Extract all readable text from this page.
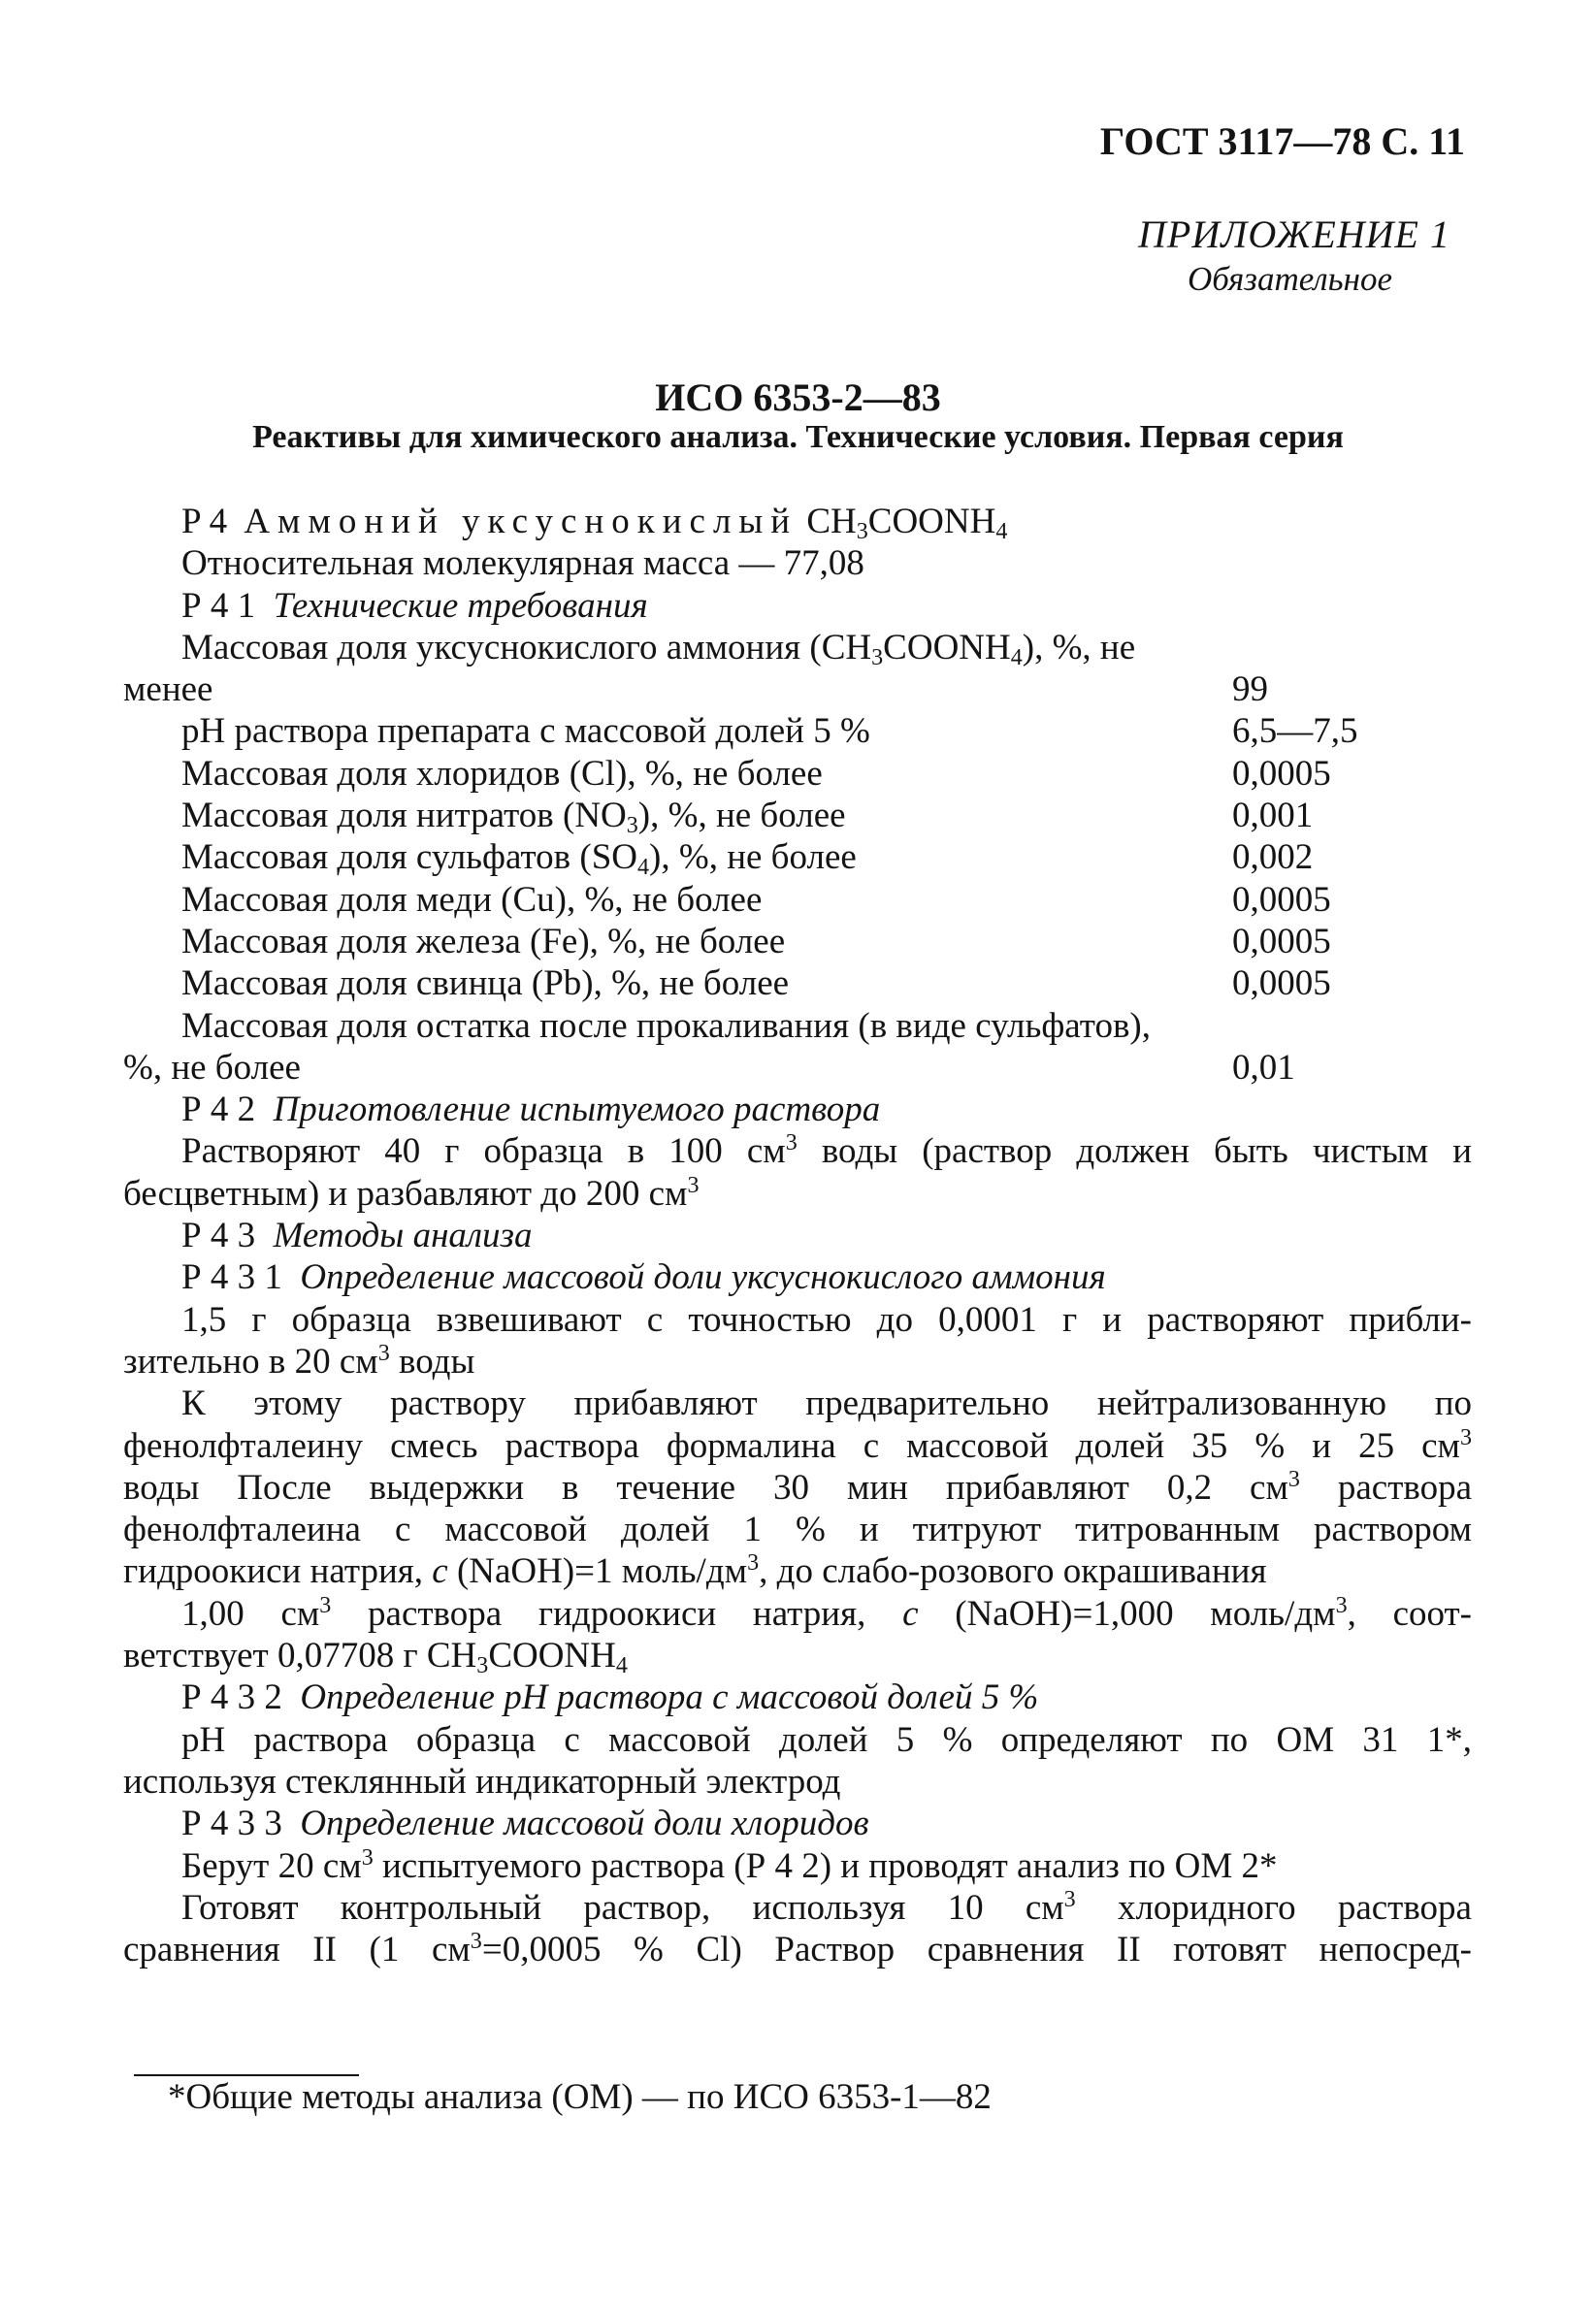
ГОСТ 3117—78 С. 11
ПРИЛОЖЕНИЕ 1
Обязательное
ИСО 6353-2—83
Реактивы для химического анализа. Технические условия. Первая серия
Р4 Аммоний уксуснокислый $CH_3COONH_4$
Относительная молекулярная масса — 77,08
Р 4 1 Технические требования
Массовая доля уксуснокислого аммония $(CH_3COONH_4)$, %, не
менее	99
pH раствора препарата с массовой долей 5 %	6,5—7,5
Массовая доля хлоридов (Cl), %, не более	0,0005
Массовая доля нитратов $(NO_3)$, %, не более	0,001
Массовая доля сульфатов $(SO_4)$, %, не более	0,002
Массовая доля меди (Cu), %, не более	0,0005
Массовая доля железа (Fe), %, не более	0,0005
Массовая доля свинца (Pb), %, не более	0,0005
Массовая доля остатка после прокаливания (в виде сульфатов),
%, не более	0,01
Р 4 2 Приготовление испытуемого раствора
Растворяют 40 г образца в 100 $см^3$ воды (раствор должен быть чистым и
бесцветным) и разбавляют до 200 $см^3$
Р 4 3 Методы анализа
Р 4 3 1 Определение массовой доли уксуснокислого аммония
1,5 г образца взвешивают с точностью до 0,0001 г и растворяют прибли-
зительно в 20 $см^3$ воды
К этому раствору прибавляют предварительно нейтрализованную по
фенолфталеину смесь раствора формалина с массовой долей 35 % и 25 $см^3$
воды После выдержки в течение 30 мин прибавляют 0,2 $см^3$ раствора
фенолфталеина с массовой долей 1 % и титруют титрованным раствором
гидроокиси натрия, c (NaOH)=1 моль/$дм^3$, до слабо-розового окрашивания
1,00 $см^3$ раствора гидроокиси натрия, c (NaOH)=1,000 моль/$дм^3$, соот-
ветствует 0,07708 г $CH_3COONH_4$
Р 4 3 2 Определение pH раствора с массовой долей 5 %
pH раствора образца с массовой долей 5 % определяют по ОМ 31 1*,
используя стеклянный индикаторный электрод
Р 4 3 3 Определение массовой доли хлоридов
Берут 20 $см^3$ испытуемого раствора (Р 4 2) и проводят анализ по ОМ 2*
Готовят контрольный раствор, используя 10 $см^3$ хлоридного раствора
сравнения II (1 $см^3=0,0005$ % Cl) Раствор сравнения II готовят непосред-
*Общие методы анализа (ОМ) — по ИСО 6353-1—82
